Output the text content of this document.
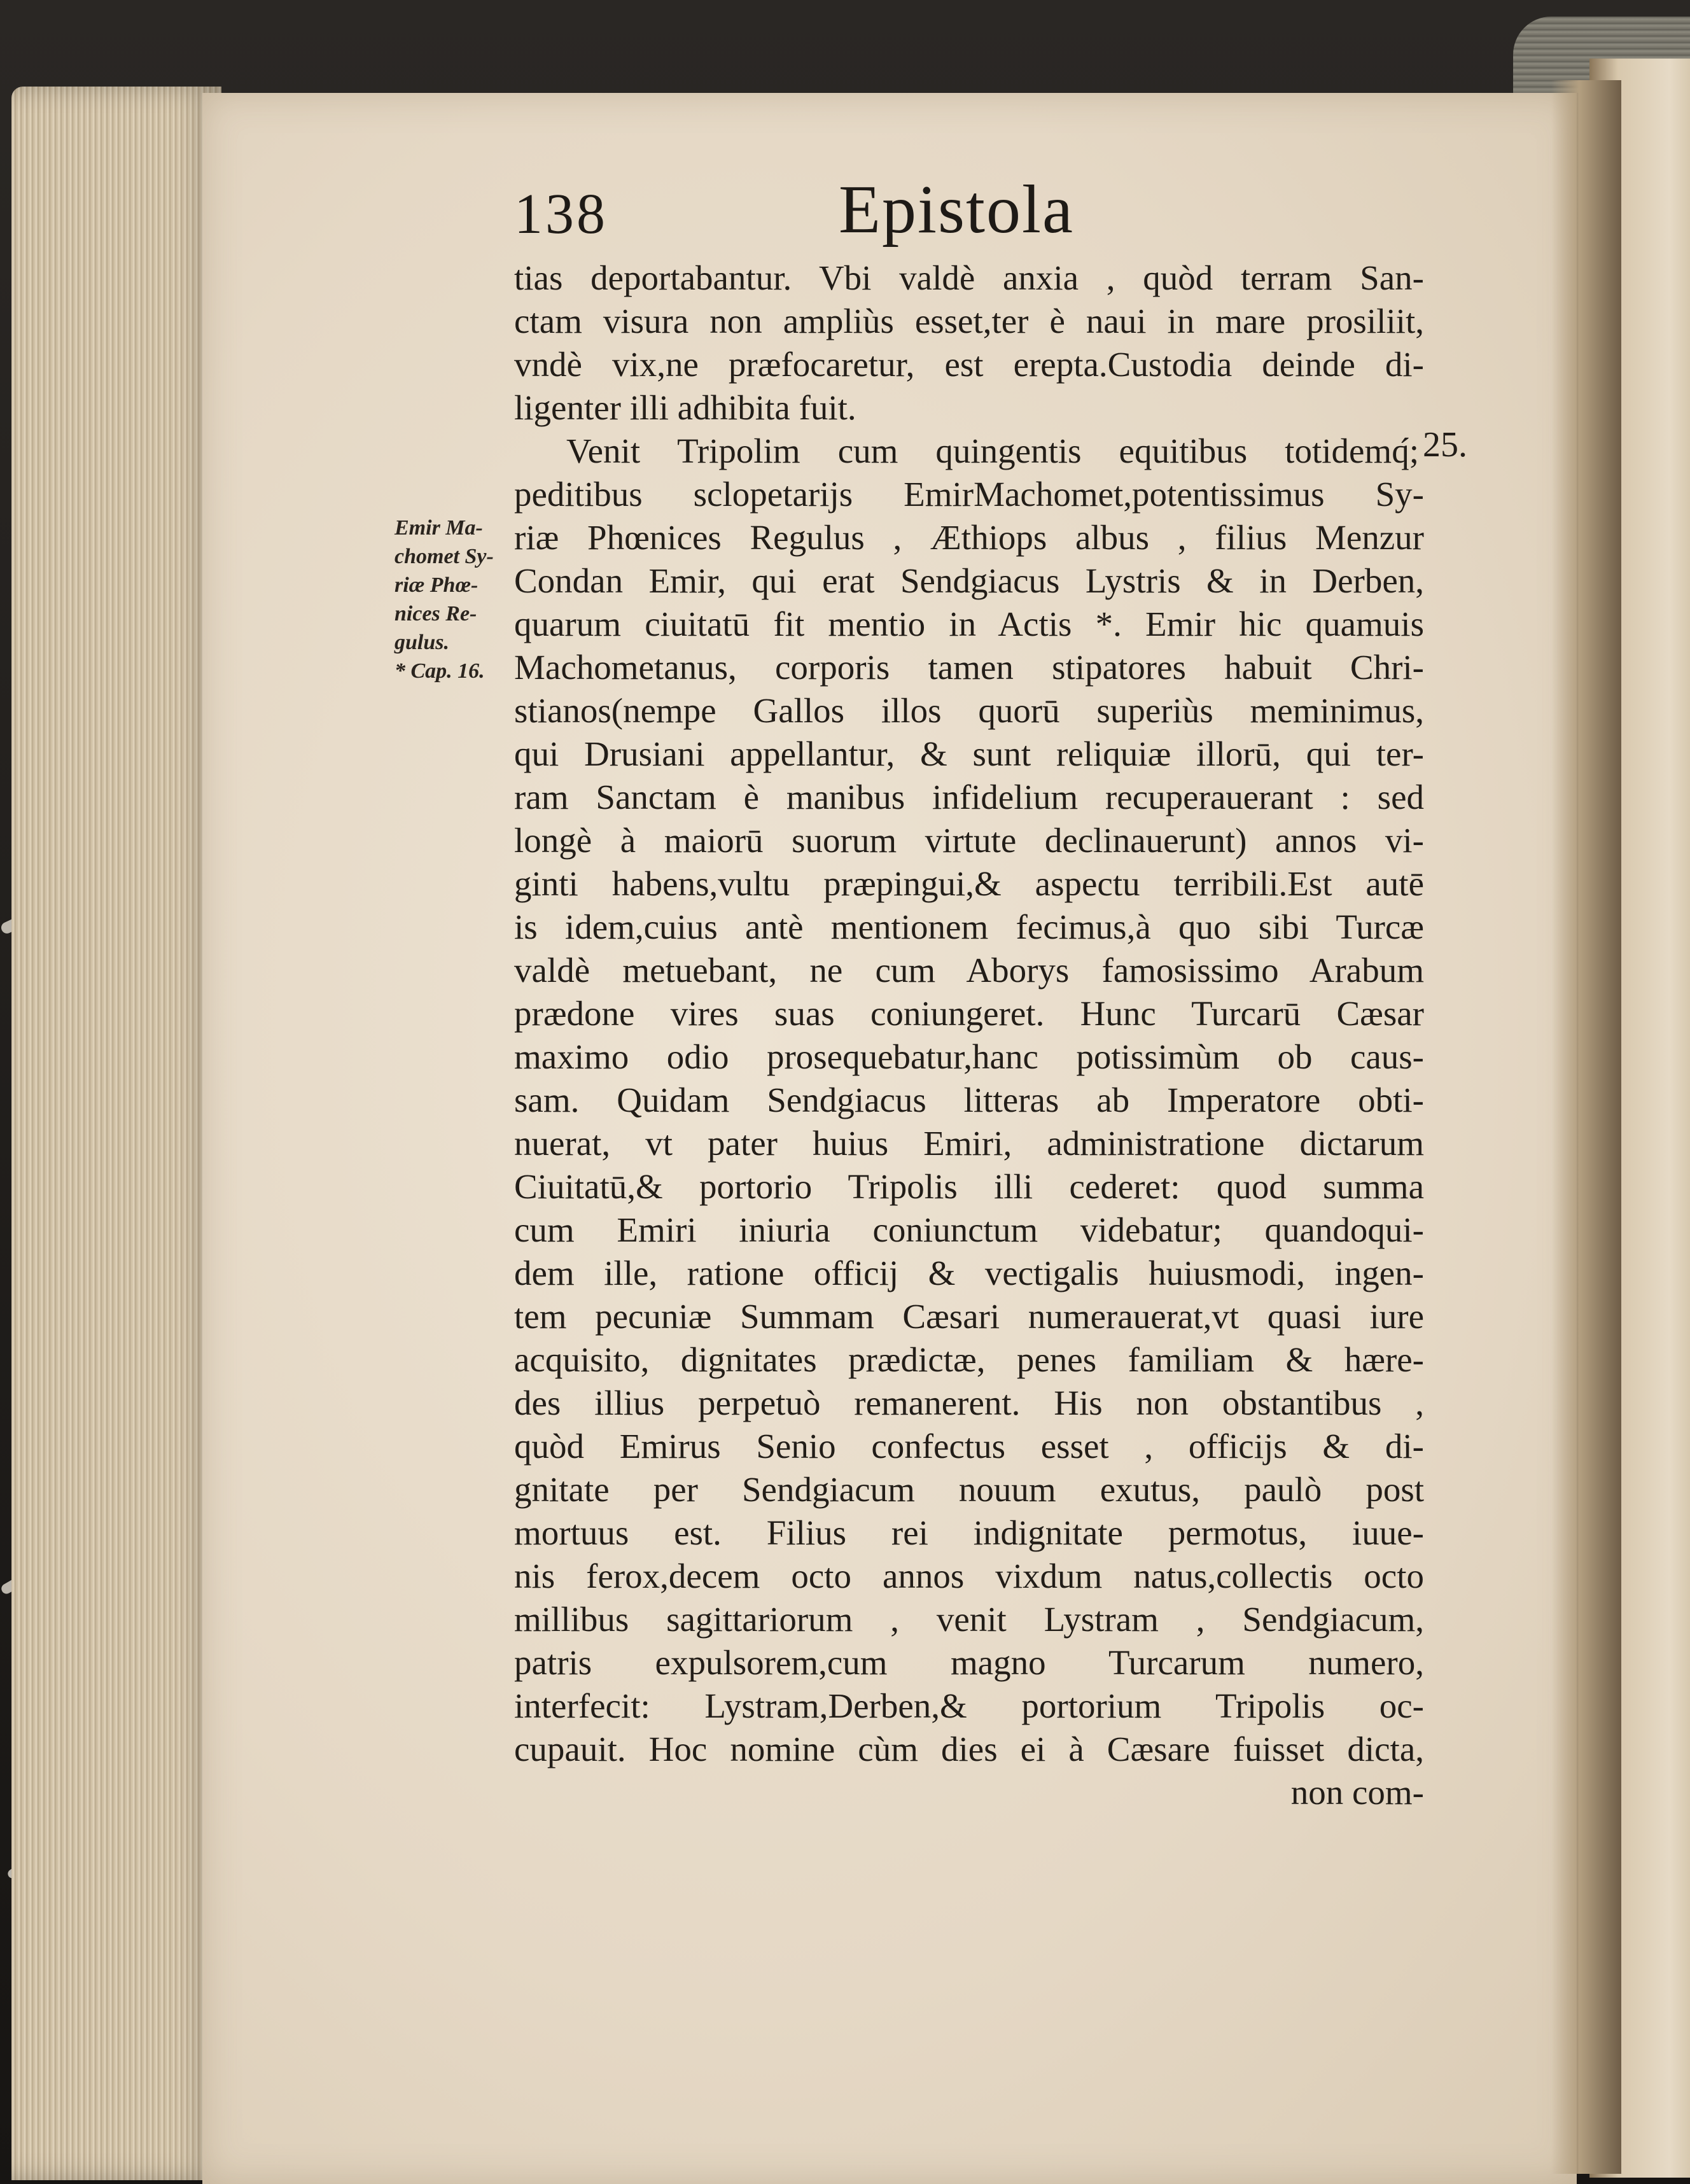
138	Epistola
Emir Ma-
chomet Sy-
riæ Phœ-
nices Re-
gulus.
* Cap. 16.
tias deportabantur. Vbi valdè anxia , quòd terram San-
ctam visura non ampliùs esset,ter è naui in mare prosiliit,
vndè vix,ne præfocaretur, est erepta.Custodia deinde di-
ligenter illi adhibita fuit.
Venit Tripolim cum quingentis equitibus totidemq́;
peditibus sclopetarijs EmirMachomet,potentissimus Sy-
riæ Phœnices Regulus , Æthiops albus , filius Menzur
Condan Emir, qui erat Sendgiacus Lystris & in Derben,
quarum ciuitatū fit mentio in Actis *. Emir hic quamuis
Machometanus, corporis tamen stipatores habuit Chri-
stianos(nempe Gallos illos quorū superiùs meminimus,
qui Drusiani appellantur, & sunt reliquiæ illorū, qui ter-
ram Sanctam è manibus infidelium recuperauerant : sed
longè à maiorū suorum virtute declinauerunt) annos vi-
ginti habens,vultu præpingui,& aspectu terribili.Est autē
is idem,cuius antè mentionem fecimus,à quo sibi Turcæ
valdè metuebant, ne cum Aborys famosissimo Arabum
prædone vires suas coniungeret. Hunc Turcarū Cæsar
maximo odio prosequebatur,hanc potissimùm ob caus-
sam. Quidam Sendgiacus litteras ab Imperatore obti-
nuerat, vt pater huius Emiri, administratione dictarum
Ciuitatū,& portorio Tripolis illi cederet: quod summa
cum Emiri iniuria coniunctum videbatur; quandoqui-
dem ille, ratione officij & vectigalis huiusmodi, ingen-
tem pecuniæ Summam Cæsari numerauerat,vt quasi iure
acquisito, dignitates prædictæ, penes familiam & hære-
des illius perpetuò remanerent. His non obstantibus ,
quòd Emirus Senio confectus esset , officijs & di-
gnitate per Sendgiacum nouum exutus, paulò post
mortuus est. Filius rei indignitate permotus, iuue-
nis ferox,decem octo annos vixdum natus,collectis octo
millibus sagittariorum , venit Lystram , Sendgiacum,
patris expulsorem,cum magno Turcarum numero,
interfecit: Lystram,Derben,& portorium Tripolis oc-
cupauit. Hoc nomine cùm dies ei à Cæsare fuisset dicta,
non com-
25.
